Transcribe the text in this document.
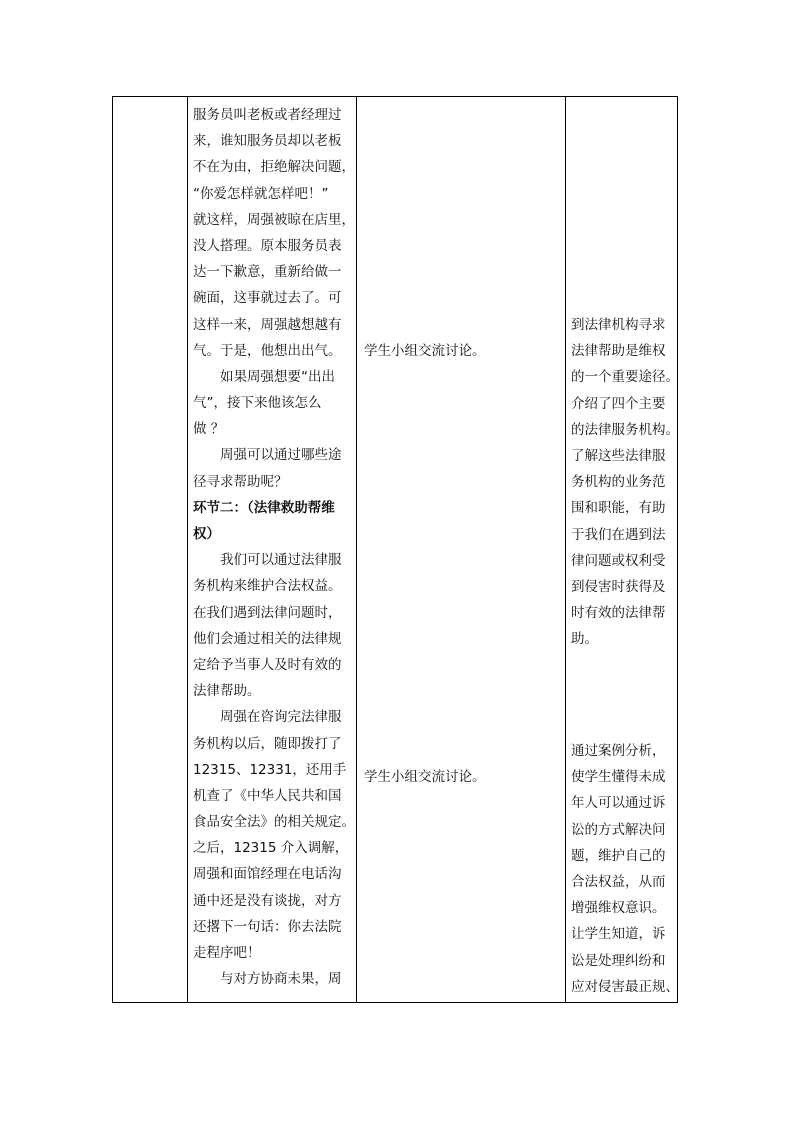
服务员叫老板或者经理过
来，谁知服务员却以老板
不在为由，拒绝解决问题，
“你爱怎样就怎样吧！”
就这样，周强被晾在店里，
没人搭理。原本服务员表
达一下歉意，重新给做一
碗面，这事就过去了。可
这样一来，周强越想越有
气。于是，他想出出气。
如果周强想要“出出
气”，接下来他该怎么
做 ？
周强可以通过哪些途
径寻求帮助呢？
环节二：（法律救助帮维
权）
我们可以通过法律服
务机构来维护合法权益。
在我们遇到法律问题时，
他们会通过相关的法律规
定给予当事人及时有效的
法律帮助。
周强在咨询完法律服
务机构以后，随即拨打了
12315、12331，还用手
机查了《中华人民共和国
食品安全法》的相关规定。
之后，12315 介入调解，
周强和面馆经理在电话沟
通中还是没有谈拢，对方
还撂下一句话：你去法院
走程序吧！
与对方协商未果，周
学生小组交流讨论。
学生小组交流讨论。
到法律机构寻求
法律帮助是维权
的一个重要途径。
介绍了四个主要
的法律服务机构。
了解这些法律服
务机构的业务范
围和职能，有助
于我们在遇到法
律问题或权利受
到侵害时获得及
时有效的法律帮
助。
通过案例分析，
使学生懂得未成
年人可以通过诉
讼的方式解决问
题，维护自己的
合法权益，从而
增强维权意识。
让学生知道，诉
讼是处理纠纷和
应对侵害最正规、
